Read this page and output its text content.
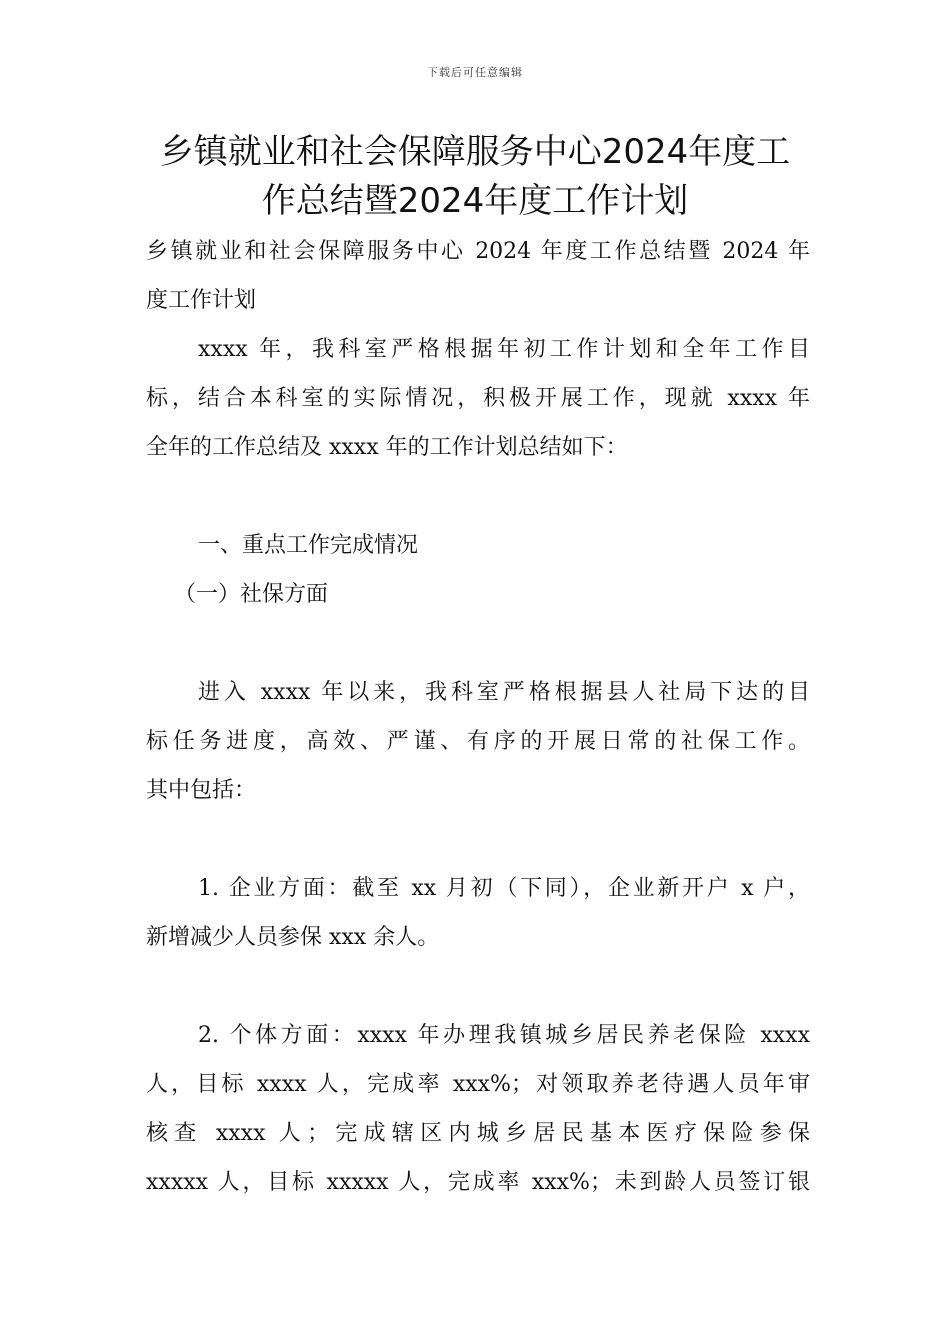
下载后可任意编辑
乡镇就业和社会保障服务中心2024年度工
作总结暨2024年度工作计划
乡镇就业和社会保障服务中心 2024 年度工作总结暨 2024 年
度工作计划
xxxx 年，我科室严格根据年初工作计划和全年工作目
标，结合本科室的实际情况，积极开展工作，现就 xxxx 年
全年的工作总结及 xxxx 年的工作计划总结如下：
一、重点工作完成情况
（一）社保方面
进入 xxxx 年以来，我科室严格根据县人社局下达的目
标任务进度，高效、严谨、有序的开展日常的社保工作。
其中包括：
1. 企业方面：截至 xx 月初（下同），企业新开户 x 户，
新增减少人员参保 xxx 余人。
2. 个体方面：xxxx 年办理我镇城乡居民养老保险 xxxx
人，目标 xxxx 人，完成率 xxx%；对领取养老待遇人员年审
核查 xxxx 人；完成辖区内城乡居民基本医疗保险参保
xxxxx 人，目标 xxxxx 人，完成率 xxx%；未到龄人员签订银
